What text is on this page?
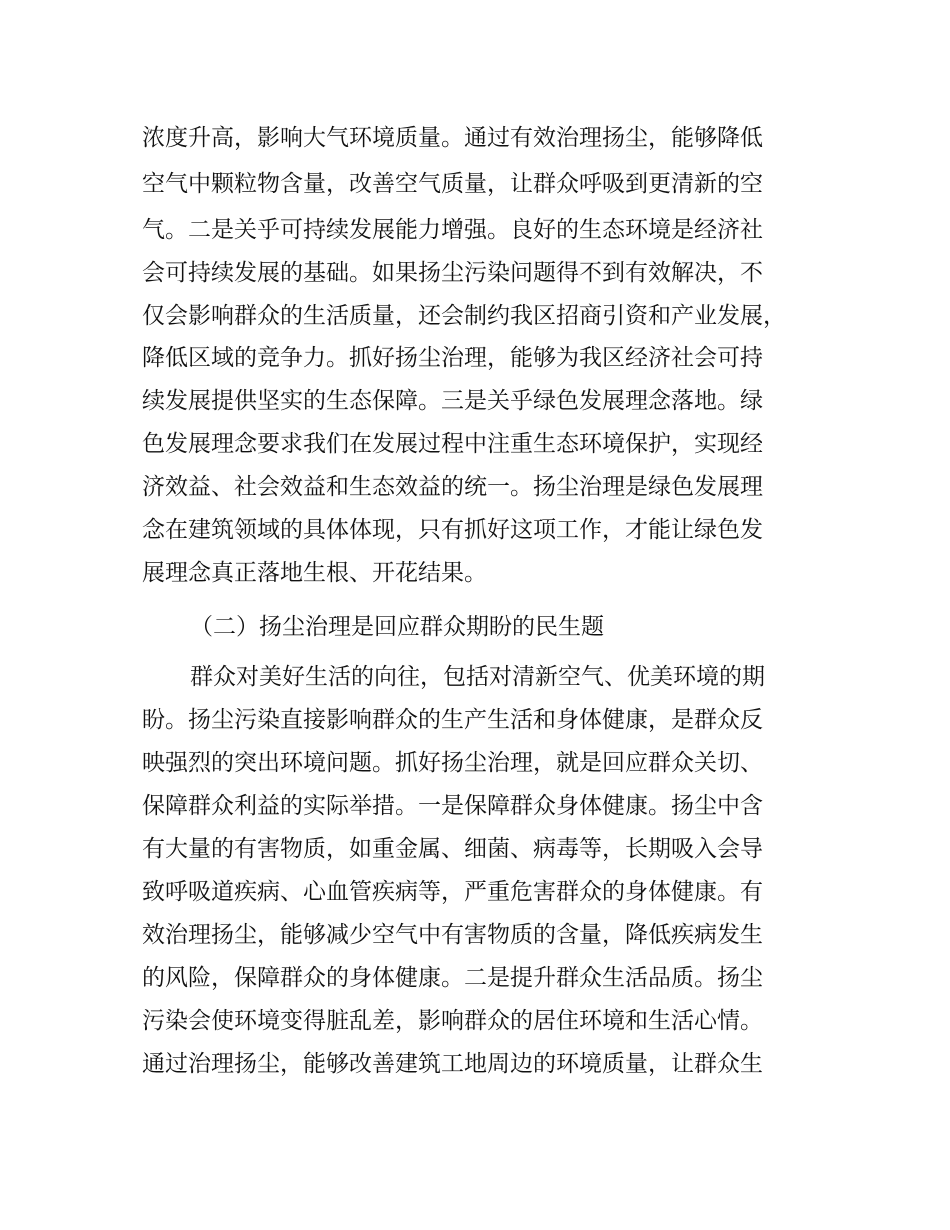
浓度升高，影响大气环境质量。通过有效治理扬尘，能够降低
空气中颗粒物含量，改善空气质量，让群众呼吸到更清新的空
气。二是关乎可持续发展能力增强。良好的生态环境是经济社
会可持续发展的基础。如果扬尘污染问题得不到有效解决，不
仅会影响群众的生活质量，还会制约我区招商引资和产业发展，
降低区域的竞争力。抓好扬尘治理，能够为我区经济社会可持
续发展提供坚实的生态保障。三是关乎绿色发展理念落地。绿
色发展理念要求我们在发展过程中注重生态环境保护，实现经
济效益、社会效益和生态效益的统一。扬尘治理是绿色发展理
念在建筑领域的具体体现，只有抓好这项工作，才能让绿色发
展理念真正落地生根、开花结果。
（二）扬尘治理是回应群众期盼的民生题
群众对美好生活的向往，包括对清新空气、优美环境的期
盼。扬尘污染直接影响群众的生产生活和身体健康，是群众反
映强烈的突出环境问题。抓好扬尘治理，就是回应群众关切、
保障群众利益的实际举措。一是保障群众身体健康。扬尘中含
有大量的有害物质，如重金属、细菌、病毒等，长期吸入会导
致呼吸道疾病、心血管疾病等，严重危害群众的身体健康。有
效治理扬尘，能够减少空气中有害物质的含量，降低疾病发生
的风险，保障群众的身体健康。二是提升群众生活品质。扬尘
污染会使环境变得脏乱差，影响群众的居住环境和生活心情。
通过治理扬尘，能够改善建筑工地周边的环境质量，让群众生
